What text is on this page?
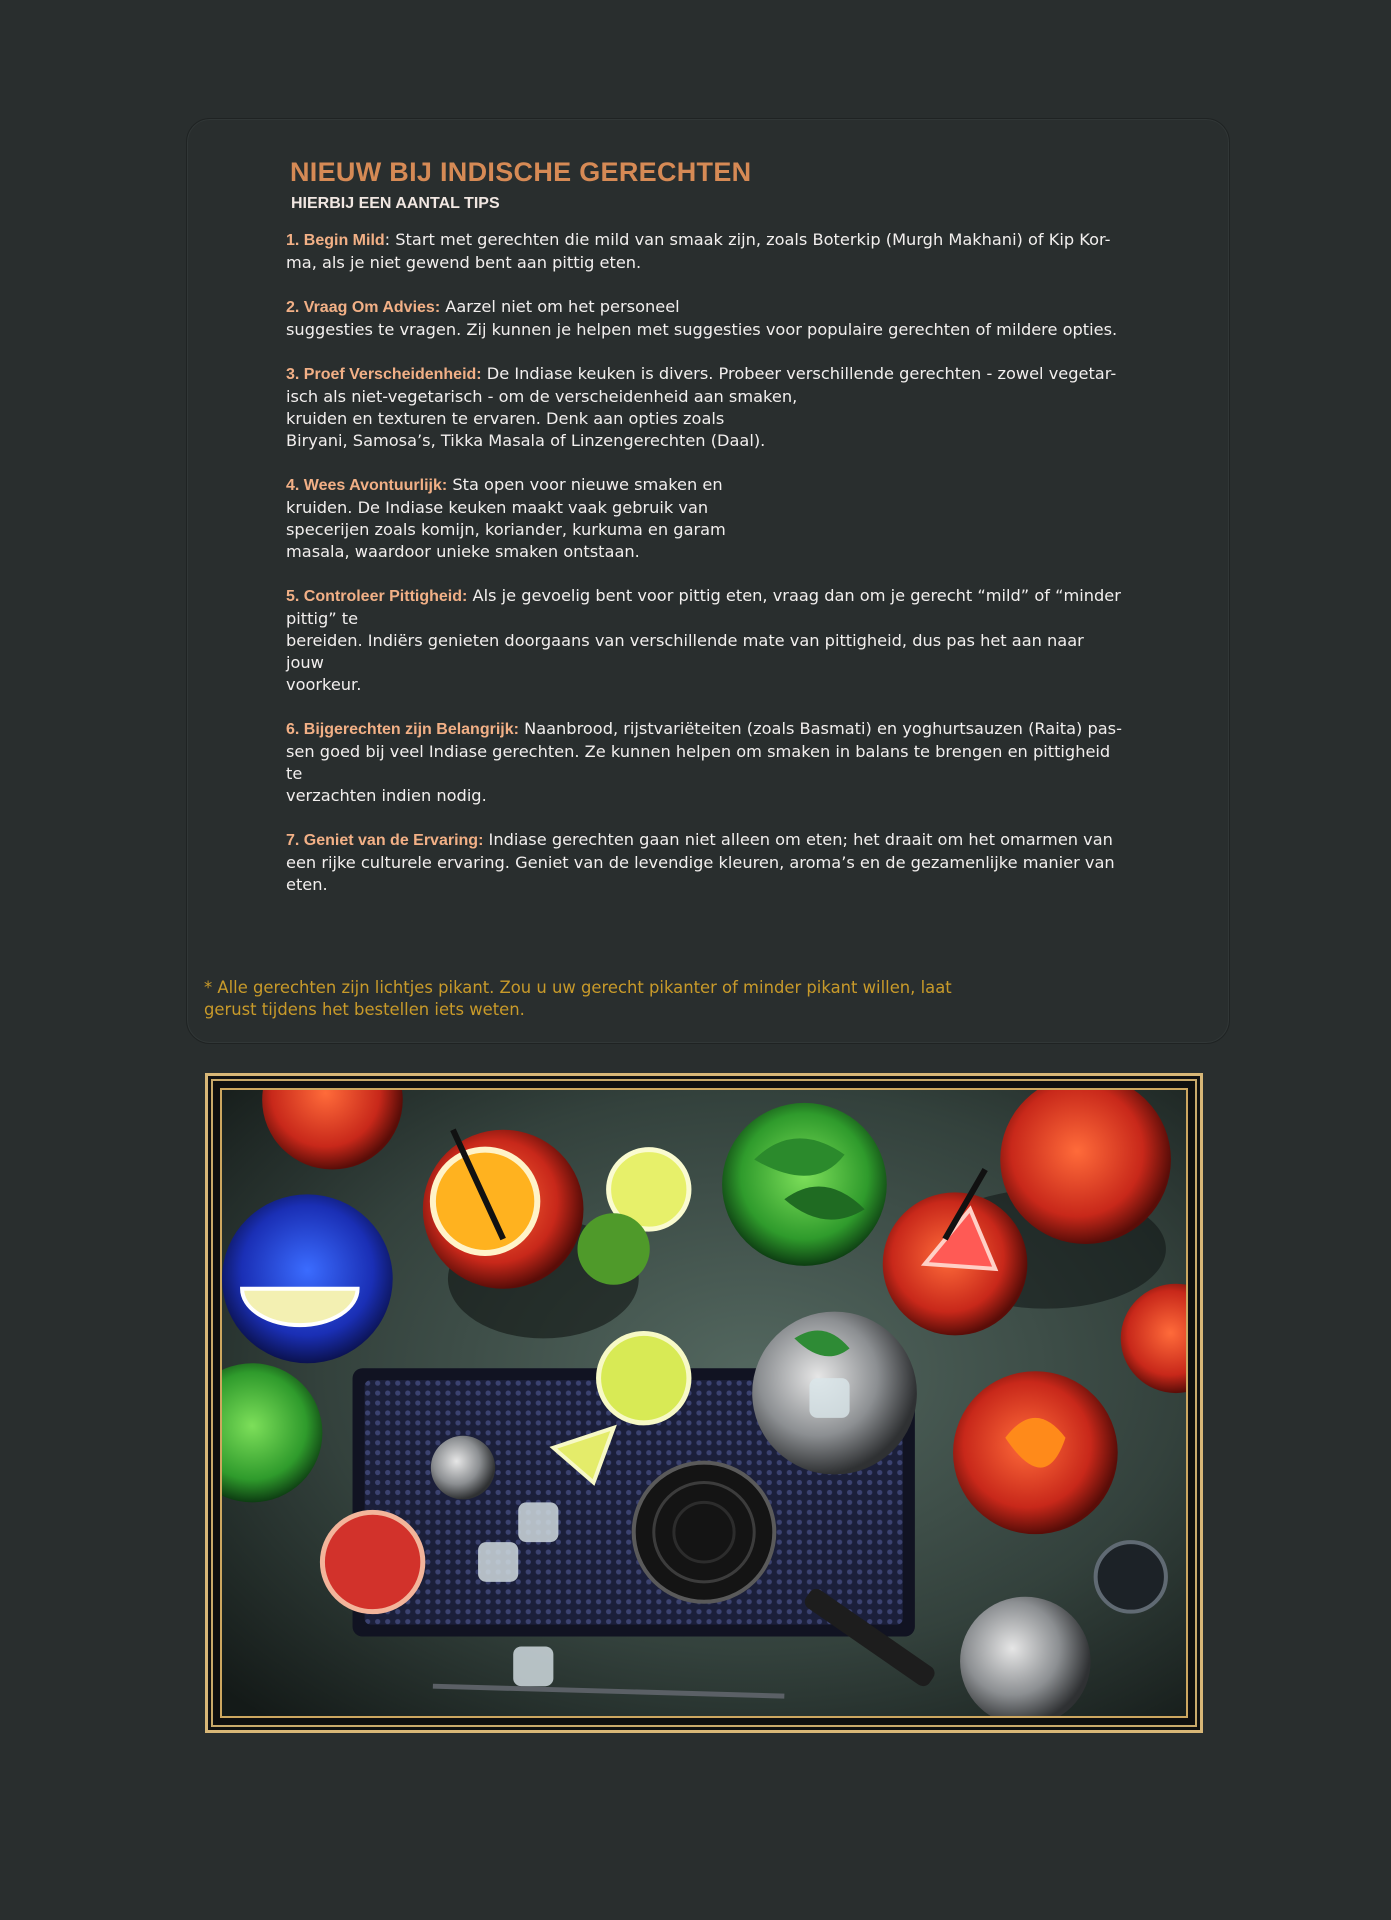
NIEUW BIJ INDISCHE GERECHTEN
HIERBIJ EEN AANTAL TIPS
1. Begin Mild: Start met gerechten die mild van smaak zijn, zoals Boterkip (Murgh Makhani) of Kip Kor-
ma, als je niet gewend bent aan pittig eten.
2. Vraag Om Advies: Aarzel niet om het personeel
suggesties te vragen. Zij kunnen je helpen met suggesties voor populaire gerechten of mildere opties.
3. Proef Verscheidenheid: De Indiase keuken is divers. Probeer verschillende gerechten - zowel vegetar-
isch als niet-vegetarisch - om de verscheidenheid aan smaken,
kruiden en texturen te ervaren. Denk aan opties zoals
Biryani, Samosa’s, Tikka Masala of Linzengerechten (Daal).
4. Wees Avontuurlijk: Sta open voor nieuwe smaken en
kruiden. De Indiase keuken maakt vaak gebruik van
specerijen zoals komijn, koriander, kurkuma en garam
masala, waardoor unieke smaken ontstaan.
5. Controleer Pittigheid: Als je gevoelig bent voor pittig eten, vraag dan om je gerecht “mild” of “minder
pittig” te
bereiden. Indiërs genieten doorgaans van verschillende mate van pittigheid, dus pas het aan naar jouw
voorkeur.
6. Bijgerechten zijn Belangrijk: Naanbrood, rijstvariëteiten (zoals Basmati) en yoghurtsauzen (Raita) pas-
sen goed bij veel Indiase gerechten. Ze kunnen helpen om smaken in balans te brengen en pittigheid te
verzachten indien nodig.
7. Geniet van de Ervaring: Indiase gerechten gaan niet alleen om eten; het draait om het omarmen van
een rijke culturele ervaring. Geniet van de levendige kleuren, aroma’s en de gezamenlijke manier van
eten.

* Alle gerechten zijn lichtjes pikant. Zou u uw gerecht pikanter of minder pikant willen, laat
gerust tijdens het bestellen iets weten.
